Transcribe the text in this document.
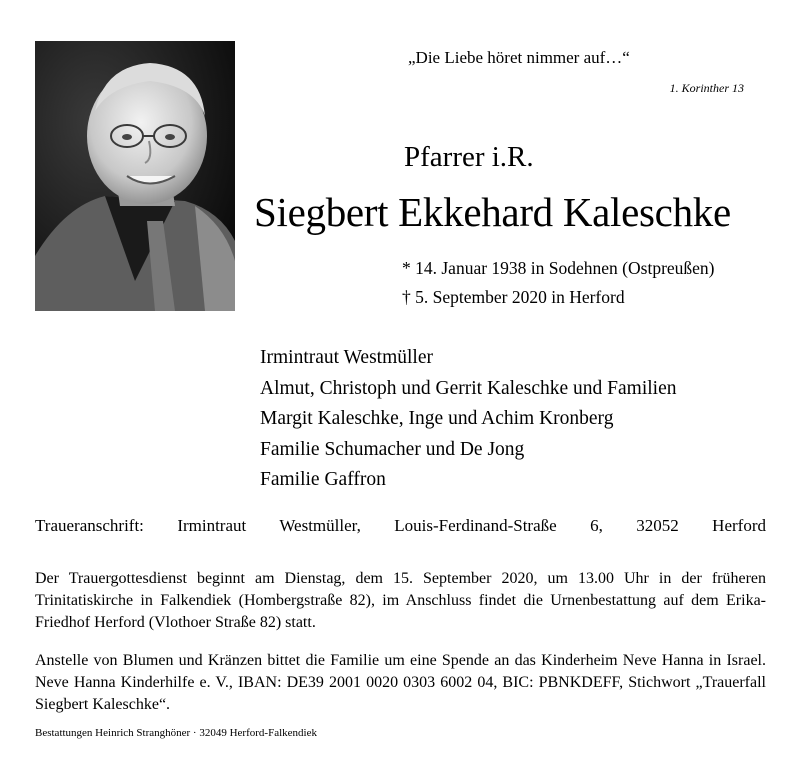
„Die Liebe höret nimmer auf…“
1. Korinther 13
Pfarrer i.R.
Siegbert Ekkehard Kaleschke
* 14. Januar 1938 in Sodehnen (Ostpreußen)
† 5. September 2020 in Herford
Irmintraut Westmüller
Almut, Christoph und Gerrit Kaleschke und Familien
Margit Kaleschke, Inge und Achim Kronberg
Familie Schumacher und De Jong
Familie Gaffron
Traueranschrift: Irmintraut Westmüller, Louis-Ferdinand-Straße 6, 32052 Herford
Der Trauergottesdienst beginnt am Dienstag, dem 15. September 2020, um 13.00 Uhr in der früheren Trinitatiskirche in Falkendiek (Hombergstraße 82), im Anschluss findet die Urnenbestattung auf dem Erika-Friedhof Herford (Vlothoer Straße 82) statt.
Anstelle von Blumen und Kränzen bittet die Familie um eine Spende an das Kinderheim Neve Hanna in Israel. Neve Hanna Kinderhilfe e. V., IBAN: DE39 2001 0020 0303 6002 04, BIC: PBNKDEFF, Stichwort „Trauerfall Siegbert Kaleschke“.
Bestattungen Heinrich Stranghöner · 32049 Herford-Falkendiek
